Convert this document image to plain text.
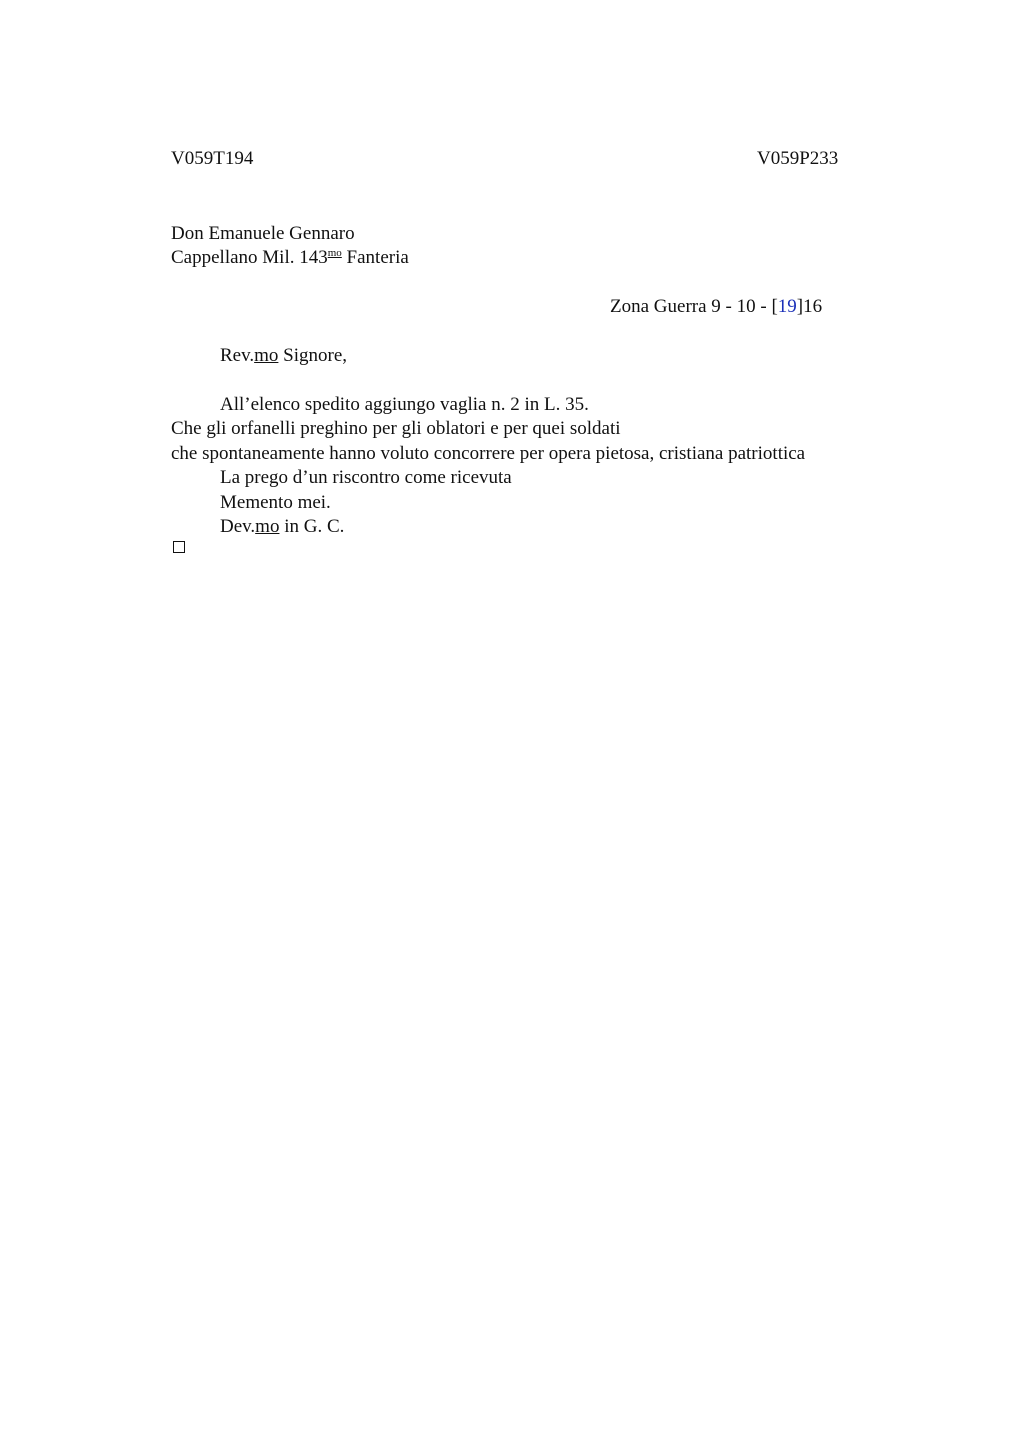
V059T194	V059P233
Don Emanuele Gennaro
Cappellano Mil. $143^{mo}$ Fanteria
Zona Guerra 9 - 10 - [19]16
Rev.mo Signore,
All’elenco spedito aggiungo vaglia n. 2 in L. 35.
Che gli orfanelli preghino per gli oblatori e per quei soldati
che spontaneamente hanno voluto concorrere per opera pietosa, cristiana patriottica
La prego d’un riscontro come ricevuta
Memento mei.
Dev.mo in G. C.
